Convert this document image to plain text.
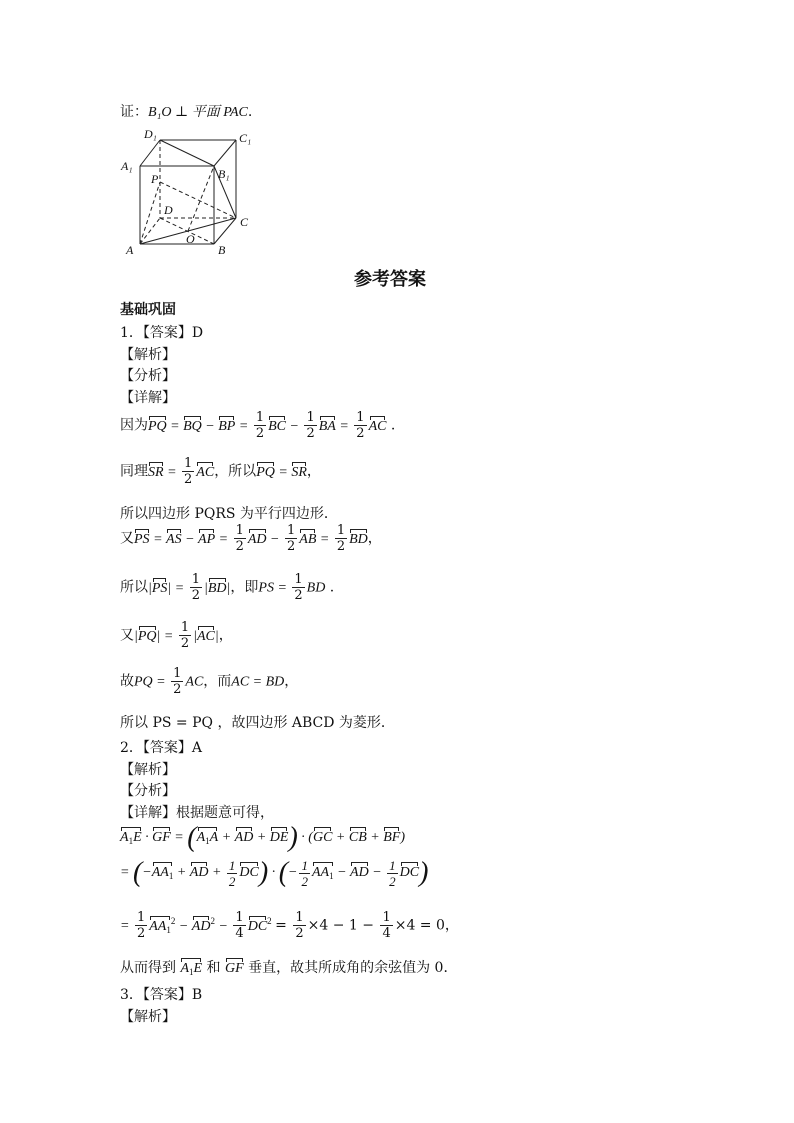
证：B₁O ⊥ 平面 PAC.
D₁	C₁
A₁
B₁
P
D
C
O
A	B
参考答案
基础巩固
1．【答案】D
【解析】
【分析】
【详解】
因为PQ = BQ − BP = $\frac{1}{2}$ BC − $\frac{1}{2}$ BA = $\frac{1}{2}$ AC .
同理SR = $\frac{1}{2}$ AC，所以PQ = SR，
所以四边形 PQRS 为平行四边形．
又PS = AS − AP = $\frac{1}{2}$ AD − $\frac{1}{2}$ AB = $\frac{1}{2}$ BD，
所以$|PS| = \frac{1}{2} |BD|$，即PS = $\frac{1}{2}$ BD .
又$|PQ| = \frac{1}{2} |AC|$，
故PQ = $\frac{1}{2}$ AC，而AC = BD，
所以 PS = PQ ，故四边形 ABCD 为菱形．
2．【答案】A
【解析】
【分析】
【详解】根据题意可得，
$A_1E$ · GF = ($A_1A$ + AD + DE) · (GC + CB + BF)
= ($-AA_1$ + AD + $\frac{1}{2} DC$) · (− $\frac{1}{2} AA_1$ − AD − $\frac{1}{2} DC$)
= $\frac{1}{2} AA_1^2 - AD^2 - \frac{1}{4} DC^2 = \frac{1}{2} \times 4 - 1 - \frac{1}{4} \times 4 = 0$，
从而得到 $A_1E$ 和 GF 垂直，故其所成角的余弦值为 0．
3．【答案】B
【解析】
